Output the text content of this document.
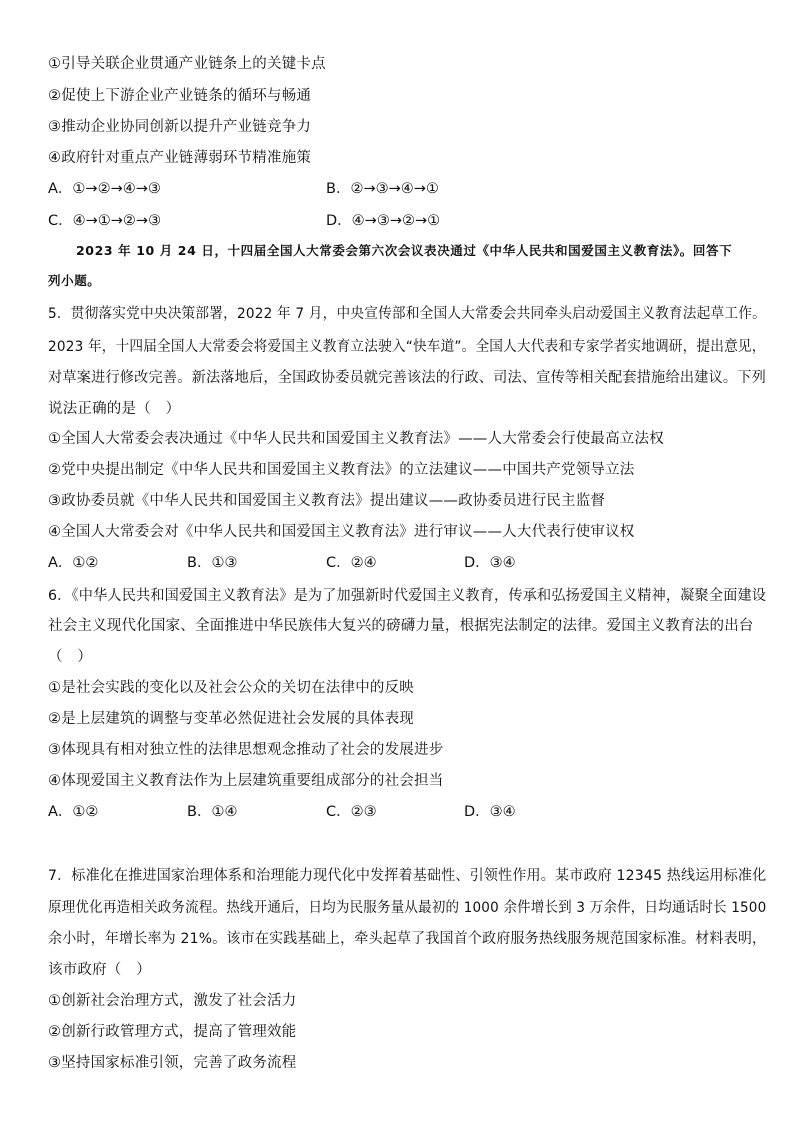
①引导关联企业贯通产业链条上的关键卡点
②促使上下游企业产业链条的循环与畅通
③推动企业协同创新以提升产业链竞争力
④政府针对重点产业链薄弱环节精准施策
A．①→②→④→③	B．②→③→④→①
C．④→①→②→③	D．④→③→②→①
2023 年 10 月 24 日，十四届全国人大常委会第六次会议表决通过《中华人民共和国爱国主义教育法》。回答下
列小题。
5．贯彻落实党中央决策部署，2022 年 7 月，中央宣传部和全国人大常委会共同牵头启动爱国主义教育法起草工作。
2023 年，十四届全国人大常委会将爱国主义教育立法驶入“快车道”。全国人大代表和专家学者实地调研，提出意见，
对草案进行修改完善。新法落地后，全国政协委员就完善该法的行政、司法、宣传等相关配套措施给出建议。下列
说法正确的是（　）
①全国人大常委会表决通过《中华人民共和国爱国主义教育法》——人大常委会行使最高立法权
②党中央提出制定《中华人民共和国爱国主义教育法》的立法建议——中国共产党领导立法
③政协委员就《中华人民共和国爱国主义教育法》提出建议——政协委员进行民主监督
④全国人大常委会对《中华人民共和国爱国主义教育法》进行审议——人大代表行使审议权
A．①②	B．①③	C．②④	D．③④
6．《中华人民共和国爱国主义教育法》是为了加强新时代爱国主义教育，传承和弘扬爱国主义精神，凝聚全面建设
社会主义现代化国家、全面推进中华民族伟大复兴的磅礴力量，根据宪法制定的法律。爱国主义教育法的出台
（　）
①是社会实践的变化以及社会公众的关切在法律中的反映
②是上层建筑的调整与变革必然促进社会发展的具体表现
③体现具有相对独立性的法律思想观念推动了社会的发展进步
④体现爱国主义教育法作为上层建筑重要组成部分的社会担当
A．①②	B．①④	C．②③	D．③④
7．标准化在推进国家治理体系和治理能力现代化中发挥着基础性、引领性作用。某市政府 12345 热线运用标准化
原理优化再造相关政务流程。热线开通后，日均为民服务量从最初的 1000 余件增长到 3 万余件，日均通话时长 1500
余小时，年增长率为 21%。该市在实践基础上，牵头起草了我国首个政府服务热线服务规范国家标准。材料表明，
该市政府（　）
①创新社会治理方式，激发了社会活力
②创新行政管理方式，提高了管理效能
③坚持国家标准引领，完善了政务流程
